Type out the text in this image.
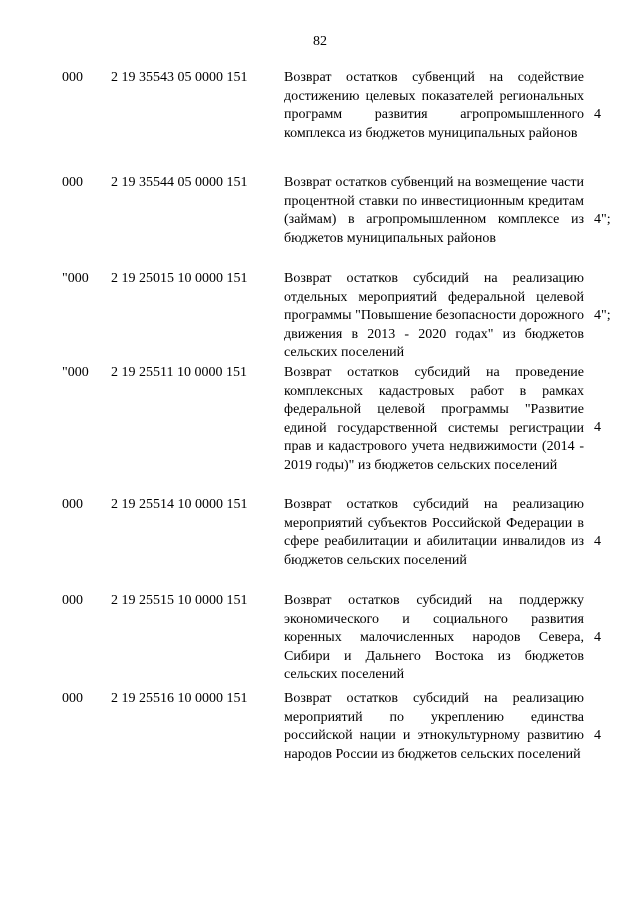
82
000 2 19 35543 05 0000 151	Возврат остатков субвенций на содействие достижению целевых показателей региональных программ развития агропромышленного комплекса из бюджетов муниципальных районов
4
000 2 19 35544 05 0000 151	Возврат остатков субвенций на возмещение части процентной ставки по инвестиционным кредитам (займам) в агропромышленном комплексе из бюджетов муниципальных районов
4";
"000 2 19 25015 10 0000 151	Возврат остатков субсидий на реализацию отдельных мероприятий федеральной целевой программы "Повышение безопасности дорожного движения в 2013 - 2020 годах" из бюджетов сельских поселений
4";
"000 2 19 25511 10 0000 151	Возврат остатков субсидий на проведение комплексных кадастровых работ в рамках федеральной целевой программы "Развитие единой государственной системы регистрации прав и кадастрового учета недвижимости (2014 - 2019 годы)" из бюджетов сельских поселений
4
000 2 19 25514 10 0000 151	Возврат остатков субсидий на реализацию мероприятий субъектов Российской Федерации в сфере реабилитации и абилитации инвалидов из бюджетов сельских поселений
4
000 2 19 25515 10 0000 151	Возврат остатков субсидий на поддержку экономического и социального развития коренных малочисленных народов Севера, Сибири и Дальнего Востока из бюджетов сельских поселений
4
000 2 19 25516 10 0000 151	Возврат остатков субсидий на реализацию мероприятий по укреплению единства российской нации и этнокультурному развитию народов России из бюджетов сельских поселений
4
